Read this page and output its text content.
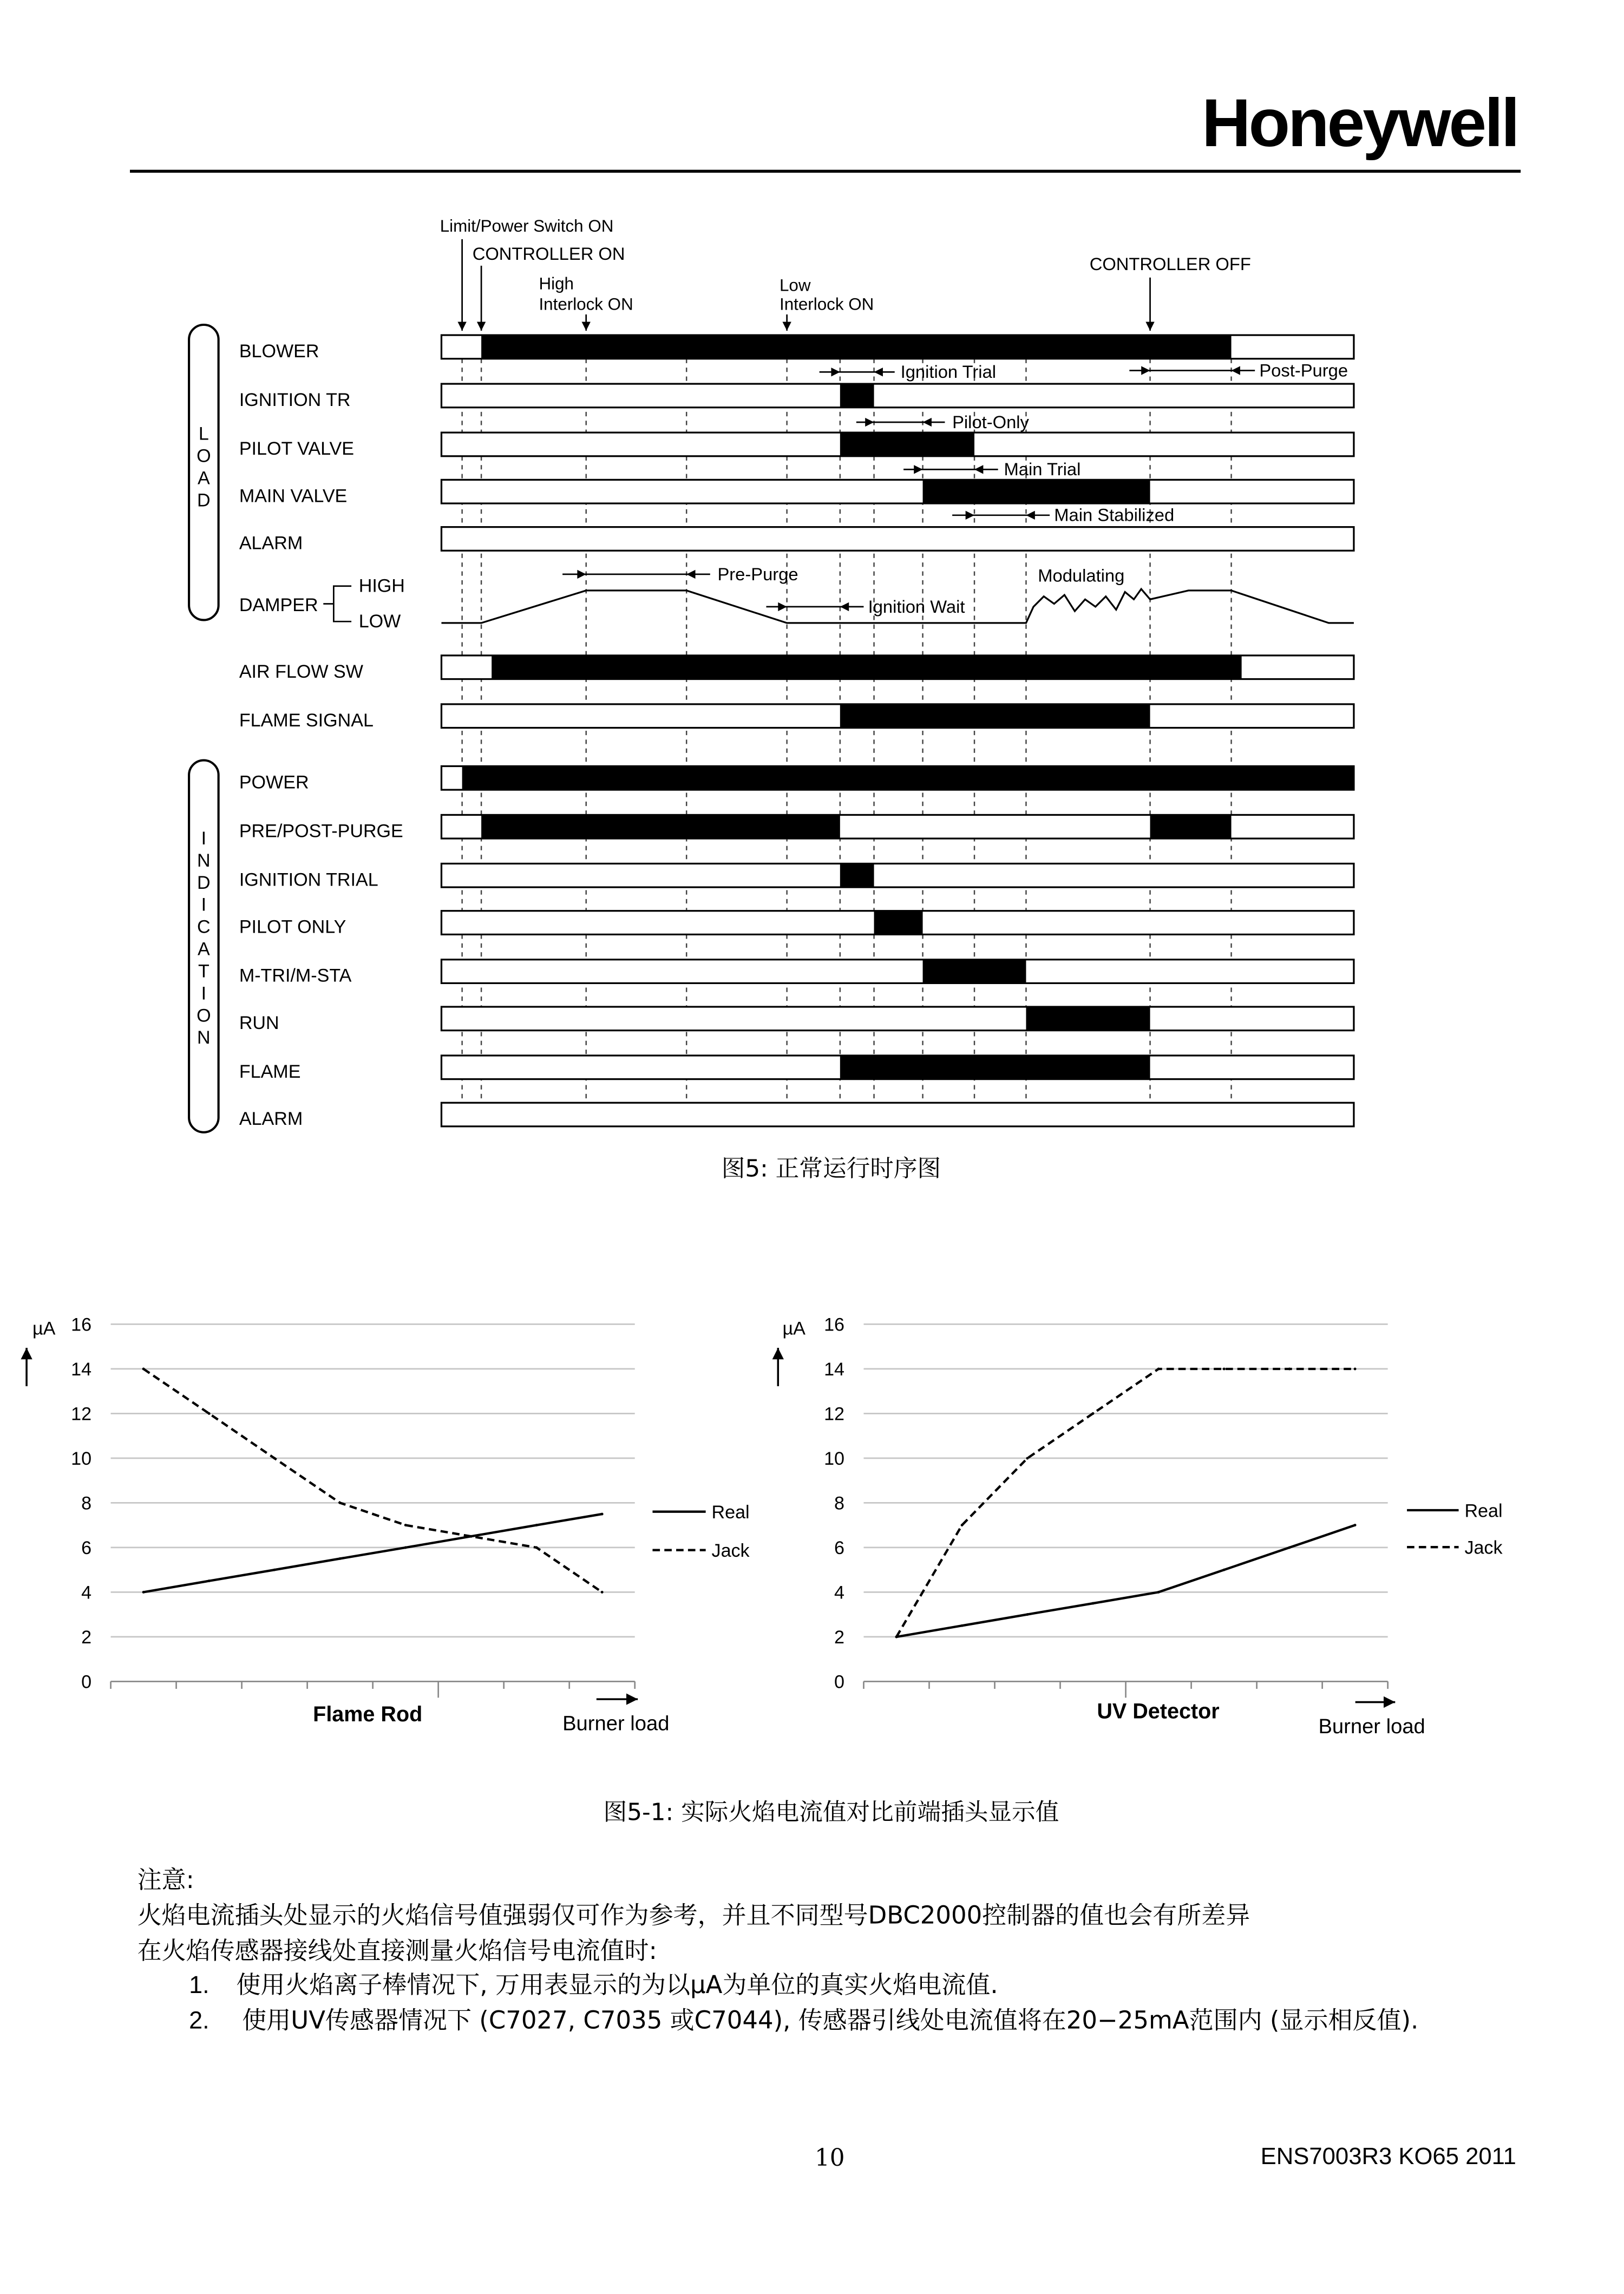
Honeywell
Limit/Power Switch ON
CONTROLLER ON
High
Interlock ON
Low
Interlock ON
CONTROLLER OFF
L
O
A
D
I
N
D
I
C
A
T
I
O
N
BLOWER
IGNITION TR
PILOT VALVE
MAIN VALVE
ALARM
AIR FLOW SW
FLAME SIGNAL
POWER
PRE/POST-PURGE
IGNITION TRIAL
PILOT ONLY
M-TRI/M-STA
RUN
FLAME
ALARM
DAMPER
HIGH
LOW
Ignition Trial	Post-Purge
Pilot-Only
Main Trial
Main Stabilized
Pre-Purge
Ignition Wait
Modulating
0
2
4
6
8
10
12
14
16
Real
Jack
µA
Flame Rod	Burner load
0
2
4
6
8
10
12
14
16
Real
Jack
µA
UV Detector
Burner load
图5: 正常运行时序图
图5-1: 实际火焰电流值对比前端插头显示值
注意:
火焰电流插头处显示的火焰信号值强弱仅可作为参考，并且不同型号DBC2000控制器的值也会有所差异
在火焰传感器接线处直接测量火焰信号电流值时:
1.	使用火焰离子棒情况下, 万用表显示的为以µA为单位的真实火焰电流值.
2.	使用UV传感器情况下 (C7027, C7035 或C7044), 传感器引线处电流值将在20−25mA范围内 (显示相反值).
10	ENS7003R3 KO65 2011
